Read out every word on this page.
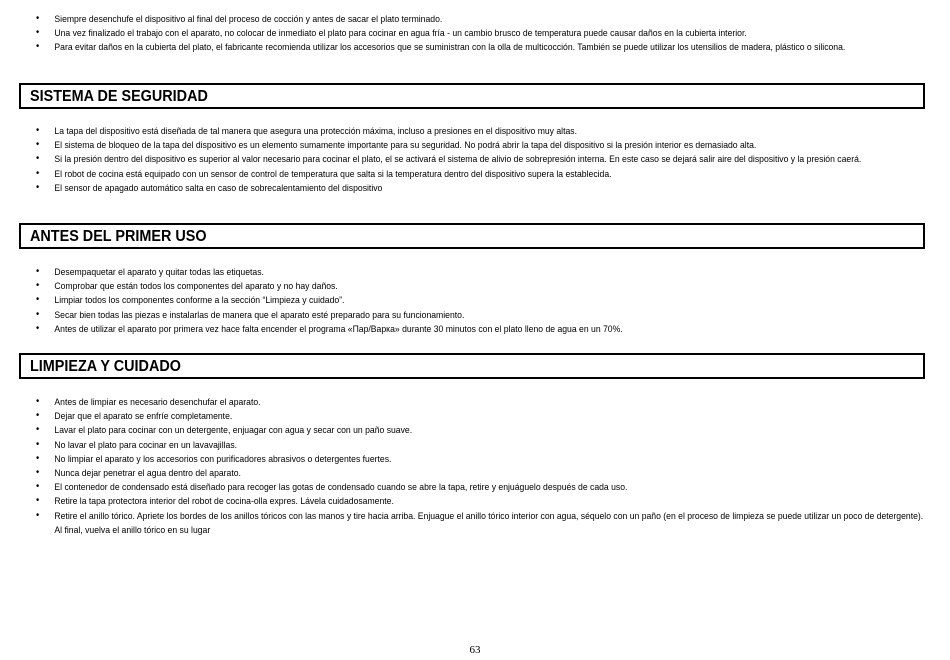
• Siempre desenchufe el dispositivo al final del proceso de cocción y antes de sacar el plato terminado.
• Una vez finalizado el trabajo con el aparato, no colocar de inmediato el plato para cocinar en agua fría - un cambio brusco de temperatura puede causar daños en la cubierta interior.
• Para evitar daños en la cubierta del plato, el fabricante recomienda utilizar los accesorios que se suministran con la olla de multicocción. También se puede utilizar los utensilios de madera, plástico o silicona.
SISTEMA DE SEGURIDAD
• La tapa del dispositivo está diseñada de tal manera que asegura una protección máxima, incluso a presiones en el dispositivo muy altas.
• El sistema de bloqueo de la tapa del dispositivo es un elemento sumamente importante para su seguridad. No podrá abrir la tapa del dispositivo si la presión interior es demasiado alta.
• Si la presión dentro del dispositivo es superior al valor necesario para cocinar el plato, el se activará el sistema de alivio de sobrepresión interna. En este caso se dejará salir aire del dispositivo y la presión caerá.
• El robot de cocina está equipado con un sensor de control de temperatura que salta si la temperatura dentro del dispositivo supera la establecida.
• El sensor de apagado automático salta en caso de sobrecalentamiento del dispositivo
ANTES DEL PRIMER USO
• Desempaquetar el aparato y quitar todas las etiquetas.
• Comprobar que están todos los componentes del aparato y no hay daños.
• Limpiar todos los componentes conforme a la sección “Limpieza y cuidado”.
• Secar bien todas las piezas e instalarlas de manera que el aparato esté preparado para su funcionamiento.
• Antes de utilizar el aparato por primera vez hace falta encender el programa «Пар/Варка» durante 30 minutos con el plato lleno de agua en un 70%.
LIMPIEZA Y CUIDADO
• Antes de limpiar es necesario desenchufar el aparato.
• Dejar que el aparato se enfríe completamente.
• Lavar el plato para cocinar con un detergente, enjuagar con agua y secar con un paño suave.
• No lavar el plato para cocinar en un lavavajillas.
• No limpiar el aparato y los accesorios con purificadores abrasivos o detergentes fuertes.
• Nunca dejar penetrar el agua dentro del aparato.
• El contenedor de condensado está diseñado para recoger las gotas de condensado cuando se abre la tapa, retire y enjuáguelo después de cada uso.
• Retire la tapa protectora interior del robot de cocina-olla expres. Lávela cuidadosamente.
• Retire el anillo tórico. Apriete los bordes de los anillos tóricos con las manos y tire hacia arriba. Enjuague el anillo tórico interior con agua, séquelo con un paño (en el proceso de limpieza se puede utilizar un poco de detergente). Al final, vuelva el anillo tórico en su lugar
63
